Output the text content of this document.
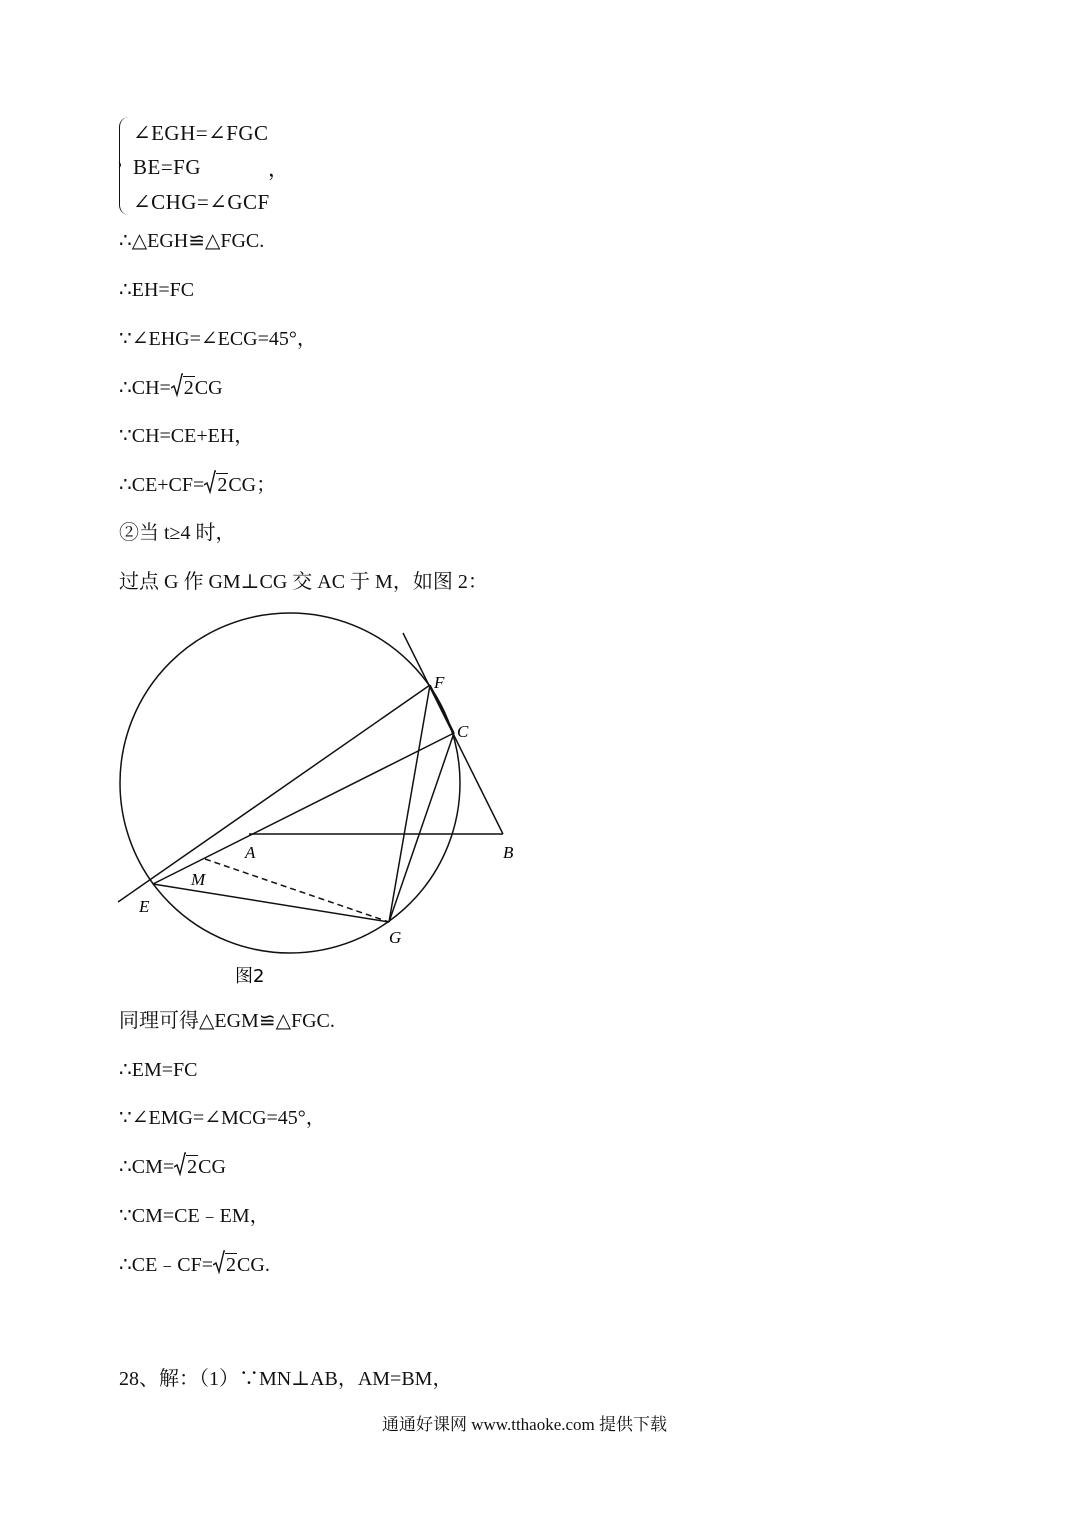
∠EGH=∠FGC
BE=FG	，
∠CHG=∠GCF
∴△EGH≌△FGC.
∴EH=FC
∵∠EHG=∠ECG=45°，
∴CH= 2CG
∵CH=CE+EH，
∴CE+CF= 2CG；
②当 t≥4 时，
过点 G 作 GM⊥CG 交 AC 于 M，如图 2：
F
C
A	B
M
E
G
图2
同理可得△EGM≌△FGC.
∴EM=FC
∵∠EMG=∠MCG=45°，
∴CM= 2CG
∵CM=CE﹣EM，
∴CE﹣CF= 2CG.
28、解：（1）∵MN⊥AB，AM=BM，
通通好课网 www.tthaoke.com 提供下载
